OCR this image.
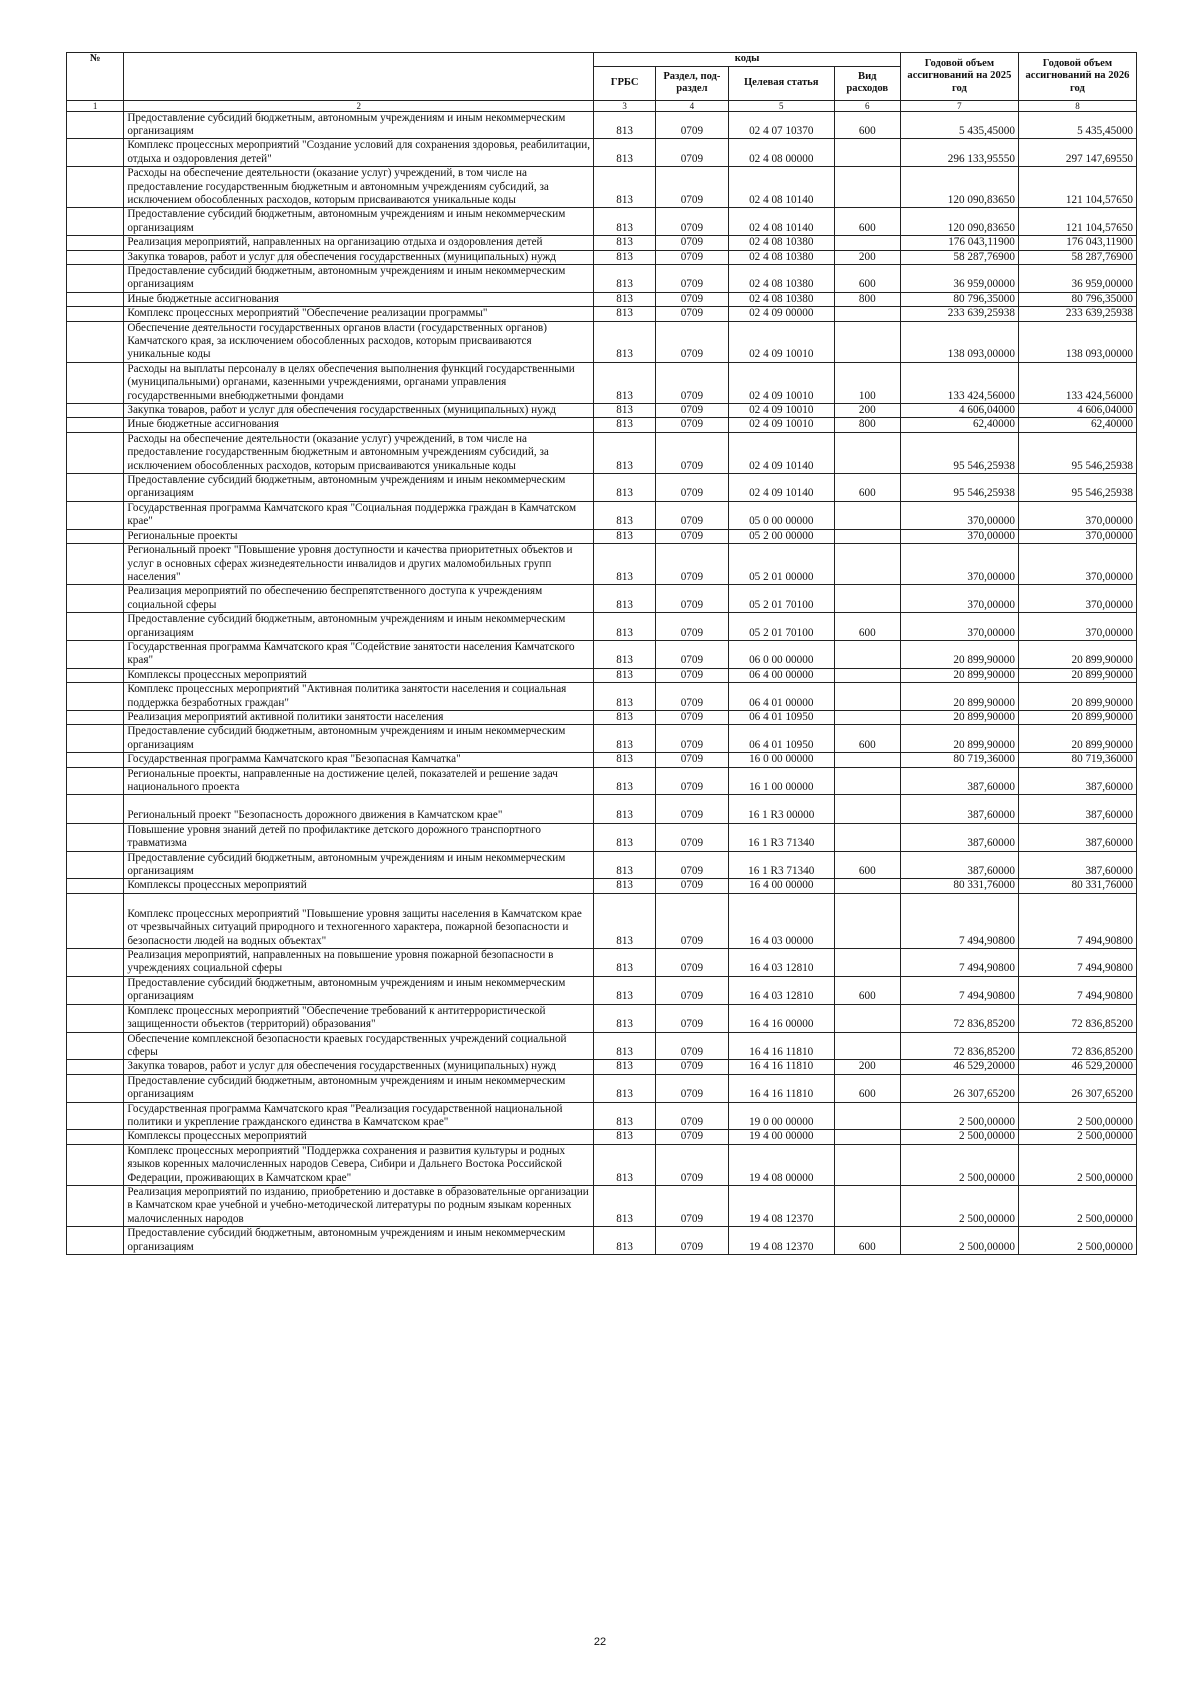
№		коды				Годовой объем ассигнований на 2025 год	Годовой объем ассигнований на 2026 год
		ГРБС	Раздел, под-раздел	Целевая статья	Вид расходов		
1	2	3	4	5	6	7	8
	Предоставление субсидий бюджетным, автономным учреждениям и иным некоммерческим организациям	813	0709	02 4 07 10370	600	5 435,45000	5 435,45000
	Комплекс процессных мероприятий "Создание условий для сохранения здоровья, реабилитации, отдыха и оздоровления детей"	813	0709	02 4 08 00000		296 133,95550	297 147,69550
	Расходы на обеспечение деятельности (оказание услуг) учреждений, в том числе на предоставление государственным бюджетным и автономным учреждениям субсидий, за исключением обособленных расходов, которым присваиваются уникальные коды	813	0709	02 4 08 10140		120 090,83650	121 104,57650
	Предоставление субсидий бюджетным, автономным учреждениям и иным некоммерческим организациям	813	0709	02 4 08 10140	600	120 090,83650	121 104,57650
	Реализация мероприятий, направленных на организацию отдыха и оздоровления детей	813	0709	02 4 08 10380		176 043,11900	176 043,11900
	Закупка товаров, работ и услуг для обеспечения государственных (муниципальных) нужд	813	0709	02 4 08 10380	200	58 287,76900	58 287,76900
	Предоставление субсидий бюджетным, автономным учреждениям и иным некоммерческим организациям	813	0709	02 4 08 10380	600	36 959,00000	36 959,00000
	Иные бюджетные ассигнования	813	0709	02 4 08 10380	800	80 796,35000	80 796,35000
	Комплекс процессных мероприятий "Обеспечение реализации программы"	813	0709	02 4 09 00000		233 639,25938	233 639,25938
	Обеспечение деятельности государственных органов власти (государственных органов) Камчатского края, за исключением обособленных расходов, которым присваиваются уникальные коды	813	0709	02 4 09 10010		138 093,00000	138 093,00000
	Расходы на выплаты персоналу в целях обеспечения выполнения функций государственными (муниципальными) органами, казенными учреждениями, органами управления государственными внебюджетными фондами	813	0709	02 4 09 10010	100	133 424,56000	133 424,56000
	Закупка товаров, работ и услуг для обеспечения государственных (муниципальных) нужд	813	0709	02 4 09 10010	200	4 606,04000	4 606,04000
	Иные бюджетные ассигнования	813	0709	02 4 09 10010	800	62,40000	62,40000
	Расходы на обеспечение деятельности (оказание услуг) учреждений, в том числе на предоставление государственным бюджетным и автономным учреждениям субсидий, за исключением обособленных расходов, которым присваиваются уникальные коды	813	0709	02 4 09 10140		95 546,25938	95 546,25938
	Предоставление субсидий бюджетным, автономным учреждениям и иным некоммерческим организациям	813	0709	02 4 09 10140	600	95 546,25938	95 546,25938
	Государственная программа Камчатского края "Социальная поддержка граждан в Камчатском крае"	813	0709	05 0 00 00000		370,00000	370,00000
	Региональные проекты	813	0709	05 2 00 00000		370,00000	370,00000
	Региональный проект "Повышение уровня доступности и качества приоритетных объектов и услуг в основных сферах жизнедеятельности инвалидов и других маломобильных групп населения"	813	0709	05 2 01 00000		370,00000	370,00000
	Реализация мероприятий по обеспечению беспрепятственного доступа к учреждениям социальной сферы	813	0709	05 2 01 70100		370,00000	370,00000
	Предоставление субсидий бюджетным, автономным учреждениям и иным некоммерческим организациям	813	0709	05 2 01 70100	600	370,00000	370,00000
	Государственная программа Камчатского края "Содействие занятости населения Камчатского края"	813	0709	06 0 00 00000		20 899,90000	20 899,90000
	Комплексы процессных мероприятий	813	0709	06 4 00 00000		20 899,90000	20 899,90000
	Комплекс процессных мероприятий "Активная политика занятости населения и социальная поддержка безработных граждан"	813	0709	06 4 01 00000		20 899,90000	20 899,90000
	Реализация мероприятий активной политики занятости населения	813	0709	06 4 01 10950		20 899,90000	20 899,90000
	Предоставление субсидий бюджетным, автономным учреждениям и иным некоммерческим организациям	813	0709	06 4 01 10950	600	20 899,90000	20 899,90000
	Государственная программа Камчатского края "Безопасная Камчатка"	813	0709	16 0 00 00000		80 719,36000	80 719,36000
	Региональные проекты, направленные на достижение целей, показателей и решение задач национального проекта	813	0709	16 1 00 00000		387,60000	387,60000
	Региональный проект "Безопасность дорожного движения в Камчатском крае"	813	0709	16 1 R3 00000		387,60000	387,60000
	Повышение уровня знаний детей по профилактике детского дорожного транспортного травматизма	813	0709	16 1 R3 71340		387,60000	387,60000
	Предоставление субсидий бюджетным, автономным учреждениям и иным некоммерческим организациям	813	0709	16 1 R3 71340	600	387,60000	387,60000
	Комплексы процессных мероприятий	813	0709	16 4 00 00000		80 331,76000	80 331,76000
	Комплекс процессных мероприятий "Повышение уровня защиты населения в Камчатском крае от чрезвычайных ситуаций природного и техногенного характера, пожарной безопасности и безопасности людей на водных объектах"	813	0709	16 4 03 00000		7 494,90800	7 494,90800
	Реализация мероприятий, направленных на повышение уровня пожарной безопасности в учреждениях социальной сферы	813	0709	16 4 03 12810		7 494,90800	7 494,90800
	Предоставление субсидий бюджетным, автономным учреждениям и иным некоммерческим организациям	813	0709	16 4 03 12810	600	7 494,90800	7 494,90800
	Комплекс процессных мероприятий "Обеспечение требований к антитеррористической защищенности объектов (территорий) образования"	813	0709	16 4 16 00000		72 836,85200	72 836,85200
	Обеспечение комплексной безопасности краевых государственных учреждений социальной сферы	813	0709	16 4 16 11810		72 836,85200	72 836,85200
	Закупка товаров, работ и услуг для обеспечения государственных (муниципальных) нужд	813	0709	16 4 16 11810	200	46 529,20000	46 529,20000
	Предоставление субсидий бюджетным, автономным учреждениям и иным некоммерческим организациям	813	0709	16 4 16 11810	600	26 307,65200	26 307,65200
	Государственная программа Камчатского края "Реализация государственной национальной политики и укрепление гражданского единства в Камчатском крае"	813	0709	19 0 00 00000		2 500,00000	2 500,00000
	Комплексы процессных мероприятий	813	0709	19 4 00 00000		2 500,00000	2 500,00000
	Комплекс процессных мероприятий "Поддержка сохранения и развития культуры и родных языков коренных малочисленных народов Севера, Сибири и Дальнего Востока Российской Федерации, проживающих в Камчатском крае"	813	0709	19 4 08 00000		2 500,00000	2 500,00000
	Реализация мероприятий по изданию, приобретению и доставке в образовательные организации в Камчатском крае учебной и учебно-методической литературы по родным языкам коренных малочисленных народов	813	0709	19 4 08 12370		2 500,00000	2 500,00000
	Предоставление субсидий бюджетным, автономным учреждениям и иным некоммерческим организациям	813	0709	19 4 08 12370	600	2 500,00000	2 500,00000
22
